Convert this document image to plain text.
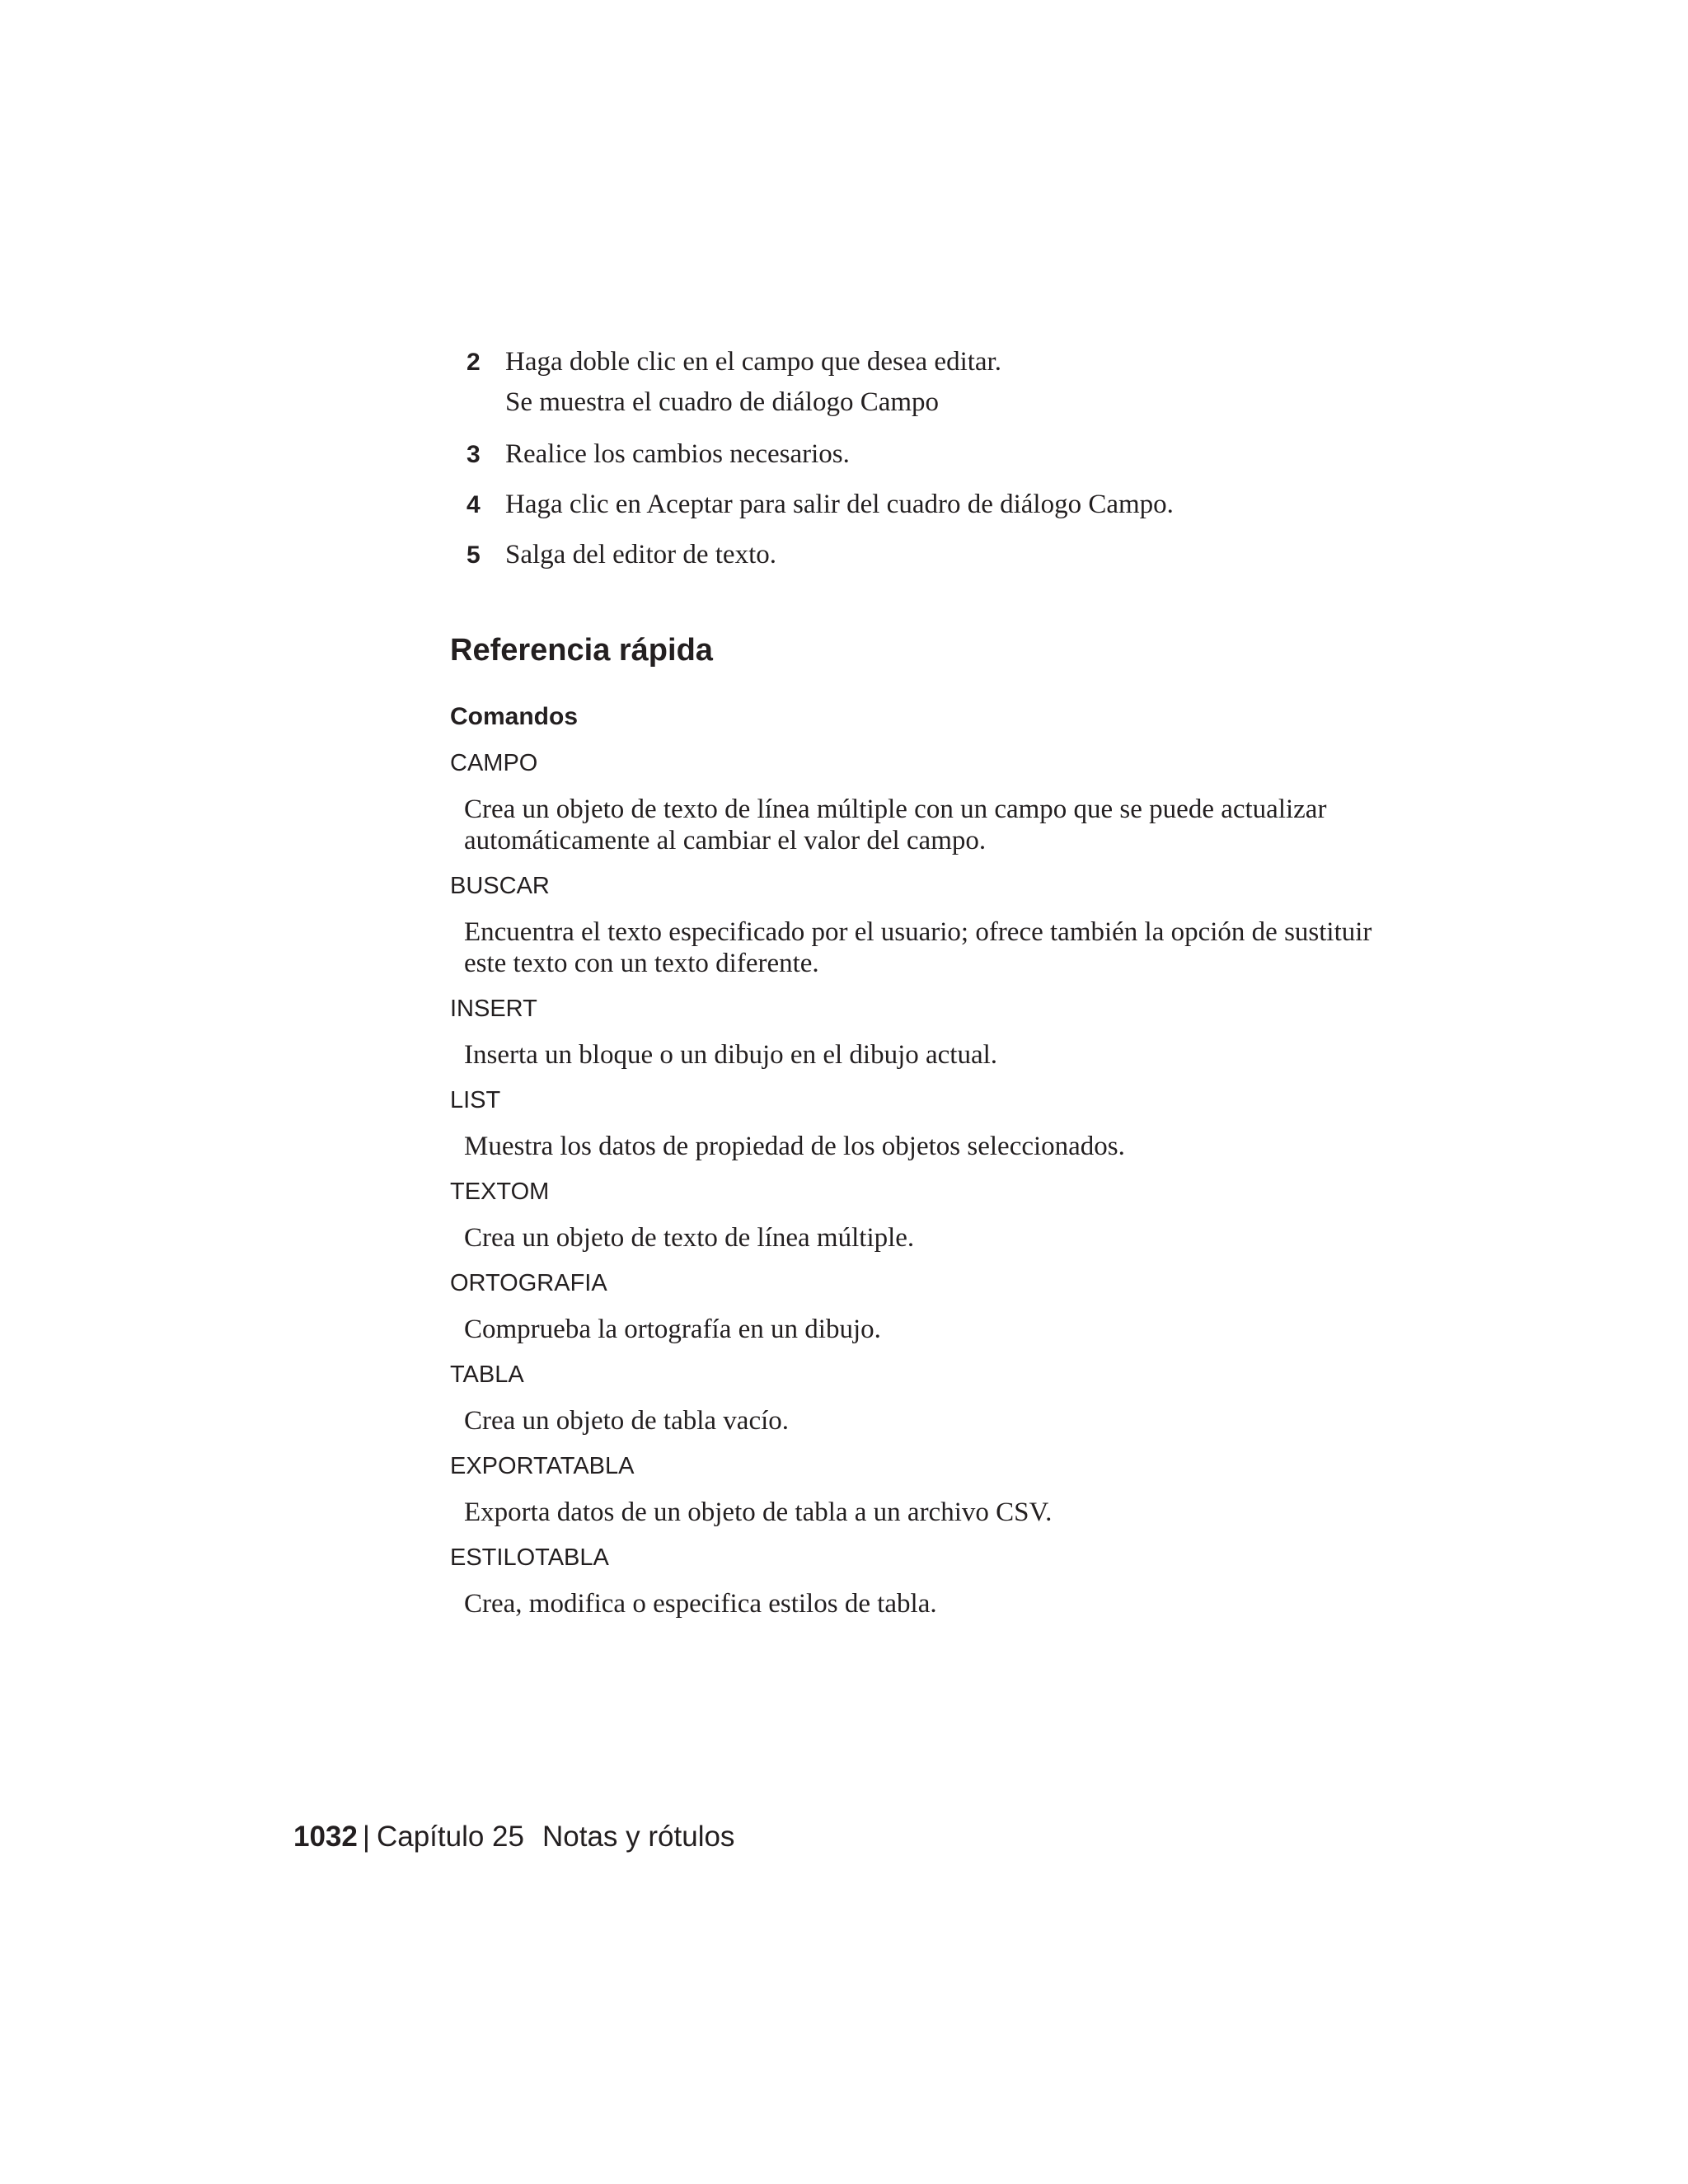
2 Haga doble clic en el campo que desea editar.
Se muestra el cuadro de diálogo Campo
3 Realice los cambios necesarios.
4 Haga clic en Aceptar para salir del cuadro de diálogo Campo.
5 Salga del editor de texto.
Referencia rápida
Comandos
CAMPO
Crea un objeto de texto de línea múltiple con un campo que se puede actualizar automáticamente al cambiar el valor del campo.
BUSCAR
Encuentra el texto especificado por el usuario; ofrece también la opción de sustituir este texto con un texto diferente.
INSERT
Inserta un bloque o un dibujo en el dibujo actual.
LIST
Muestra los datos de propiedad de los objetos seleccionados.
TEXTOM
Crea un objeto de texto de línea múltiple.
ORTOGRAFIA
Comprueba la ortografía en un dibujo.
TABLA
Crea un objeto de tabla vacío.
EXPORTATABLA
Exporta datos de un objeto de tabla a un archivo CSV.
ESTILOTABLA
Crea, modifica o especifica estilos de tabla.
1032 | Capítulo 25 Notas y rótulos
